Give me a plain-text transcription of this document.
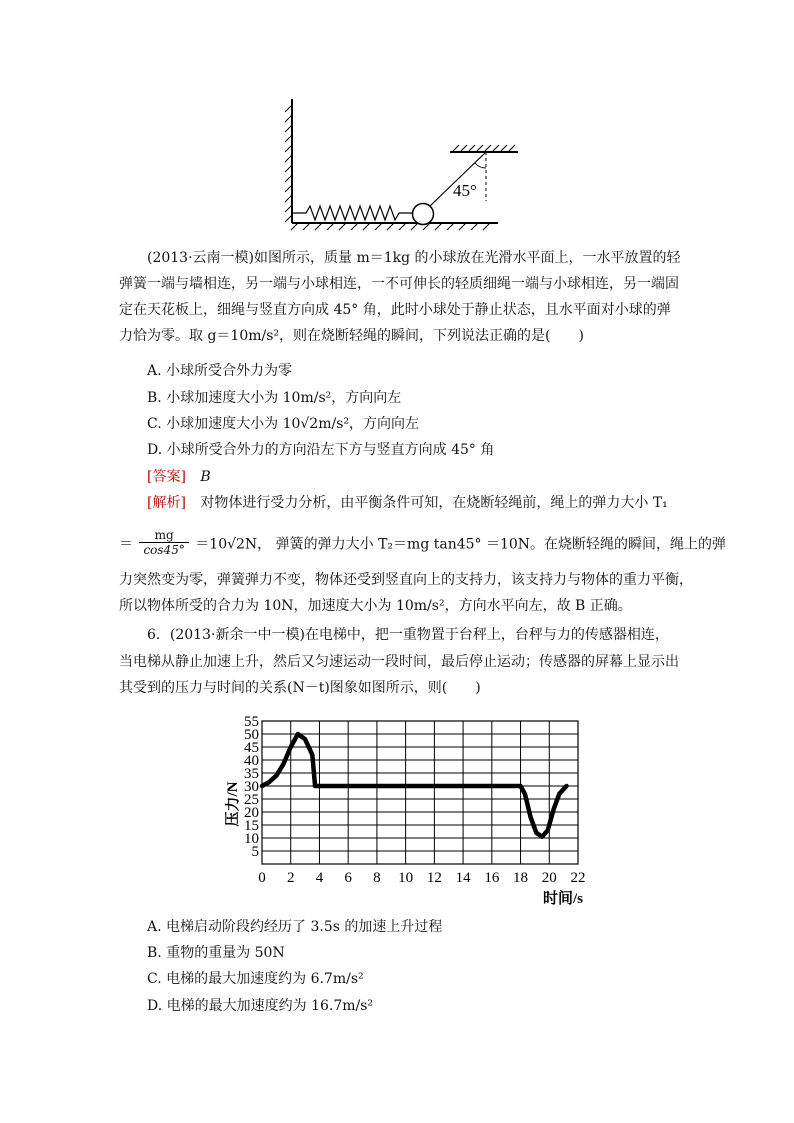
45°
(2013·云南一模)如图所示，质量 m＝1kg 的小球放在光滑水平面上，一水平放置的轻
弹簧一端与墙相连，另一端与小球相连，一不可伸长的轻质细绳一端与小球相连，另一端固
定在天花板上，细绳与竖直方向成 45° 角，此时小球处于静止状态，且水平面对小球的弹
力恰为零。取 g＝10m/s²，则在烧断轻绳的瞬间，下列说法正确的是(　　)
A. 小球所受合外力为零
B. 小球加速度大小为 10m/s²，方向向左
C. 小球加速度大小为 10√2m/s²，方向向左
D. 小球所受合外力的方向沿左下方与竖直方向成 45° 角
[答案] B
[解析] 对物体进行受力分析，由平衡条件可知，在烧断轻绳前，绳上的弹力大小 T₁
＝ $\frac{mg}{\cos 45^\circ} =10√2N$， 弹簧的弹力大小 T₂＝mg tan45° ＝10N。在烧断轻绳的瞬间，绳上的弹
力突然变为零，弹簧弹力不变，物体还受到竖直向上的支持力，该支持力与物体的重力平衡，
所以物体所受的合力为 10N，加速度大小为 10m/s²，方向水平向左，故 B 正确。
6．(2013·新余一中一模)在电梯中，把一重物置于台秤上，台秤与力的传感器相连，
当电梯从静止加速上升，然后又匀速运动一段时间，最后停止运动；传感器的屏幕上显示出
其受到的压力与时间的关系(N－t)图象如图所示，则(　　)
5
10
15
20
25
30
35
40
45
50
55
0 2 4 6 8 10 12 14 16 18 20 22
压力/N
时间/s
A. 电梯启动阶段约经历了 3.5s 的加速上升过程
B. 重物的重量为 50N
C. 电梯的最大加速度约为 6.7m/s²
D. 电梯的最大加速度约为 16.7m/s²
